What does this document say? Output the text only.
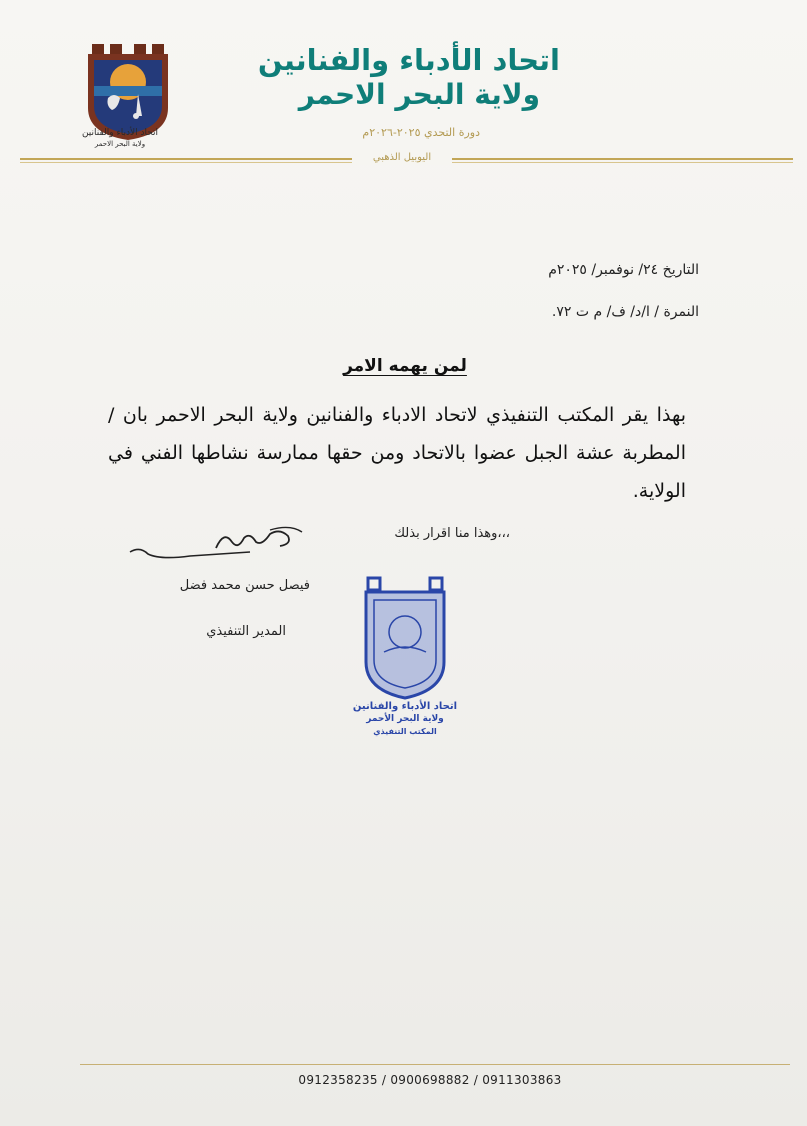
اتحاد الأدباء والفنانين
ولاية البحر الاحمر
اتحاد الأدباء والفنانين
ولاية البحر الاحمر
دورة التحدي ٢٠٢٥-٢٠٢٦م
اليوبيل الذهبي
التاريخ ٢٤/ نوفمبر/ ٢٠٢٥م
النمرة / ا/د/ ف/ م ت ٧٢.
لمن يهمه الامر

بهذا يقر المكتب التنفيذي لاتحاد الادباء والفنانين ولاية البحر الاحمر بان / المطربة عشة الجبل عضوا بالاتحاد ومن حقها ممارسة نشاطها الفني في الولاية.

،،،وهذا منا اقرار بذلك
فيصل حسن محمد فضل
المدير التنفيذي
اتحاد الأدباء والفنانين
ولاية البحر الأحمر
المكتب التنفيذي
0912358235 / 0900698882 / 0911303863
